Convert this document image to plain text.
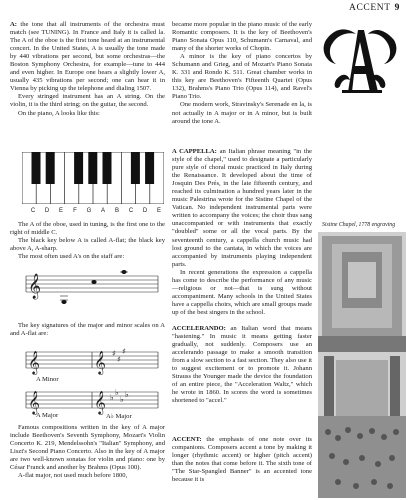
ACCENT 9

A: the tone that all instruments of the orchestra must match (see TUNING). In France and Italy it is called la. The A of the oboe is the first tone heard at an instrumental concert. In the United States, A is usually the tone made by 440 vibrations per second, but some orchestras—the Boston Symphony Orchestra, for example—tune to 444 and even higher. In Europe one hears a slightly lower A, usually 435 vibrations per second; one can hear it in Vienna by picking up the telephone and dialing 1507.

Every stringed instrument has an A string. On the violin, it is the third string; on the guitar, the second.

On the piano, A looks like this:

C	D	E	F	G	A	B	C	D	E

The A of the oboe, used in tuning, is the first one to the right of middle C.

The black key below A is called A-flat; the black key above A, A-sharp.

The most often used A's on the staff are:

𝄞

The key signatures of the major and minor scales on A and A-flat are:

𝄞	𝄞 ♯
♯
♯
A Minor
𝄞	𝄞 ♭
♭
♭
♭
A Major	A♭ Major

Famous compositions written in the key of A major include Beethoven's Seventh Symphony, Mozart's Violin Concerto K. 219, Mendelssohn's "Italian" Symphony, and Liszt's Second Piano Concerto. Also in the key of A major are two well-known sonatas for violin and piano: one by César Franck and another by Brahms (Opus 100).

A-flat major, not used much before 1800,

became more popular in the piano music of the early Romantic composers. It is the key of Beethoven's Piano Sonata Opus 110, Schumann's Carnaval, and many of the shorter works of Chopin.

A minor is the key of piano concertos by Schumann and Grieg, and of Mozart's Piano Sonata K. 331 and Rondo K. 511. Great chamber works in this key are Beethoven's Fifteenth Quartet (Opus 132), Brahms's Piano Trio (Opus 114), and Ravel's Piano Trio.

One modern work, Stravinsky's Serenade en la, is not actually in A major or in A minor, but is built around the tone A.

A CAPPELLA: an Italian phrase meaning "in the style of the chapel," used to designate a particularly pure style of choral music practiced in Italy during the Renaissance. It developed about the time of Josquin Des Prés, in the late fifteenth century, and reached its culmination a hundred years later in the music Palestrina wrote for the Sistine Chapel of the Vatican. No independent instrumental parts were written to accompany the voices; the choir thus sang unaccompanied or with instruments that exactly "doubled" some or all the vocal parts. By the seventeenth century, a cappella church music had lost ground to the cantata, in which the voices are accompanied by instruments playing independent parts.

In recent generations the expression a cappella has come to describe the performance of any music—religious or not—that is sung without accompaniment. Many schools in the United States have a cappella choirs, which are small groups made up of the best singers in the school.

ACCELERANDO: an Italian word that means "hastening." In music it means getting faster gradually, not suddenly. Composers use an accelerando passage to make a smooth transition from a slow section to a fast section. They also use it to suggest excitement or to promote it. Johann Strauss the Younger made the device the foundation of an entire piece, the "Acceleration Waltz," which he wrote in 1860. In scores the word is sometimes shortened to "accel."

ACCENT: the emphasis of one note over its companions. Composers accent a tone by making it longer (rhythmic accent) or higher (pitch accent) than the notes that come before it. The sixth tone of "The Star-Spangled Banner" is an accented tone because it is

Sistine Chapel, 1778 engraving
